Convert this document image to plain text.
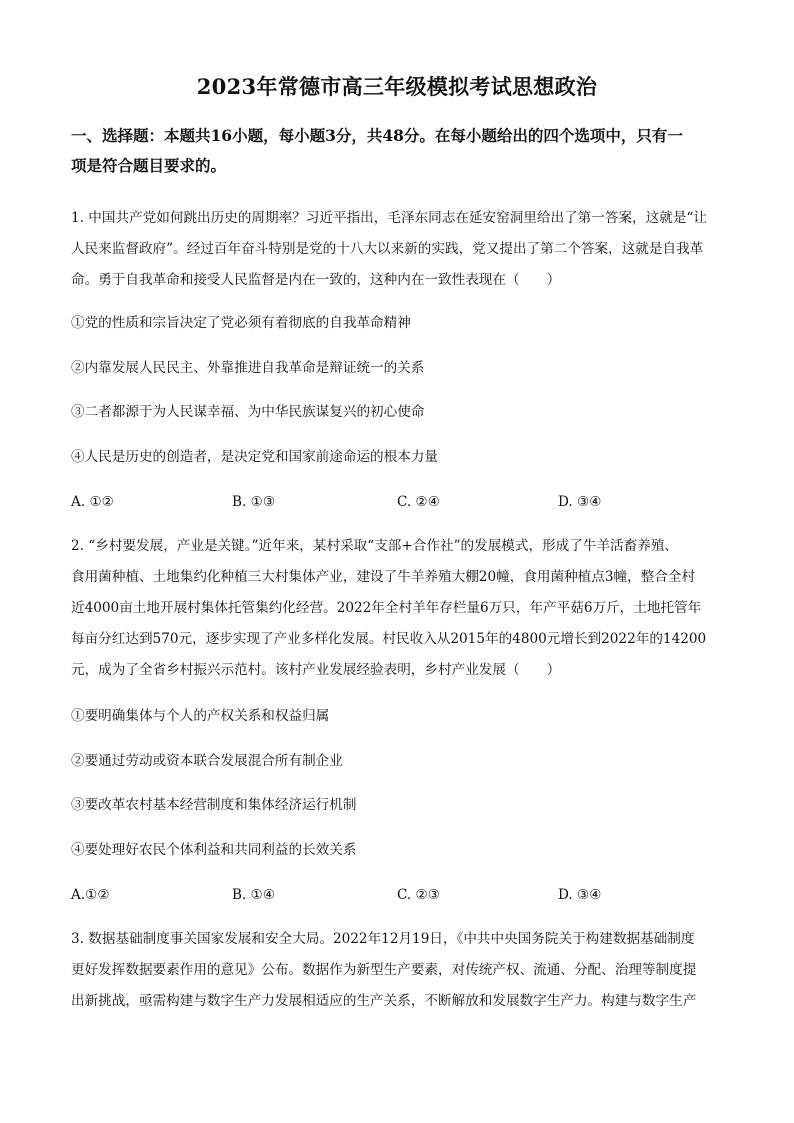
2023年常德市高三年级模拟考试思想政治
一、选择题：本题共16小题，每小题3分，共48分。在每小题给出的四个选项中，只有一
项是符合题目要求的。
1. 中国共产党如何跳出历史的周期率？习近平指出，毛泽东同志在延安窑洞里给出了第一答案，这就是“让
人民来监督政府”。经过百年奋斗特别是党的十八大以来新的实践，党又提出了第二个答案，这就是自我革
命。勇于自我革命和接受人民监督是内在一致的，这种内在一致性表现在（　　）
①党的性质和宗旨决定了党必须有着彻底的自我革命精神
②内靠发展人民民主、外靠推进自我革命是辩证统一的关系
③二者都源于为人民谋幸福、为中华民族谋复兴的初心使命
④人民是历史的创造者，是决定党和国家前途命运的根本力量
A. ①②	B. ①③	C. ②④	D. ③④
2. “乡村要发展，产业是关键。”近年来，某村采取“支部+合作社”的发展模式，形成了牛羊活畜养殖、
食用菌种植、土地集约化种植三大村集体产业，建设了牛羊养殖大棚20幢，食用菌种植点3幢，整合全村
近4000亩土地开展村集体托管集约化经营。2022年全村羊年存栏量6万只，年产平菇6万斤，土地托管年
每亩分红达到570元，逐步实现了产业多样化发展。村民收入从2015年的4800元增长到2022年的14200
元，成为了全省乡村振兴示范村。该村产业发展经验表明，乡村产业发展（　　）
①要明确集体与个人的产权关系和权益归属
②要通过劳动或资本联合发展混合所有制企业
③要改革农村基本经营制度和集体经济运行机制
④要处理好农民个体利益和共同利益的长效关系
A.①②	B. ①④	C. ②③	D. ③④
3. 数据基础制度事关国家发展和安全大局。2022年12月19日，《中共中央国务院关于构建数据基础制度
更好发挥数据要素作用的意见》公布。数据作为新型生产要素，对传统产权、流通、分配、治理等制度提
出新挑战，亟需构建与数字生产力发展相适应的生产关系，不断解放和发展数字生产力。构建与数字生产
